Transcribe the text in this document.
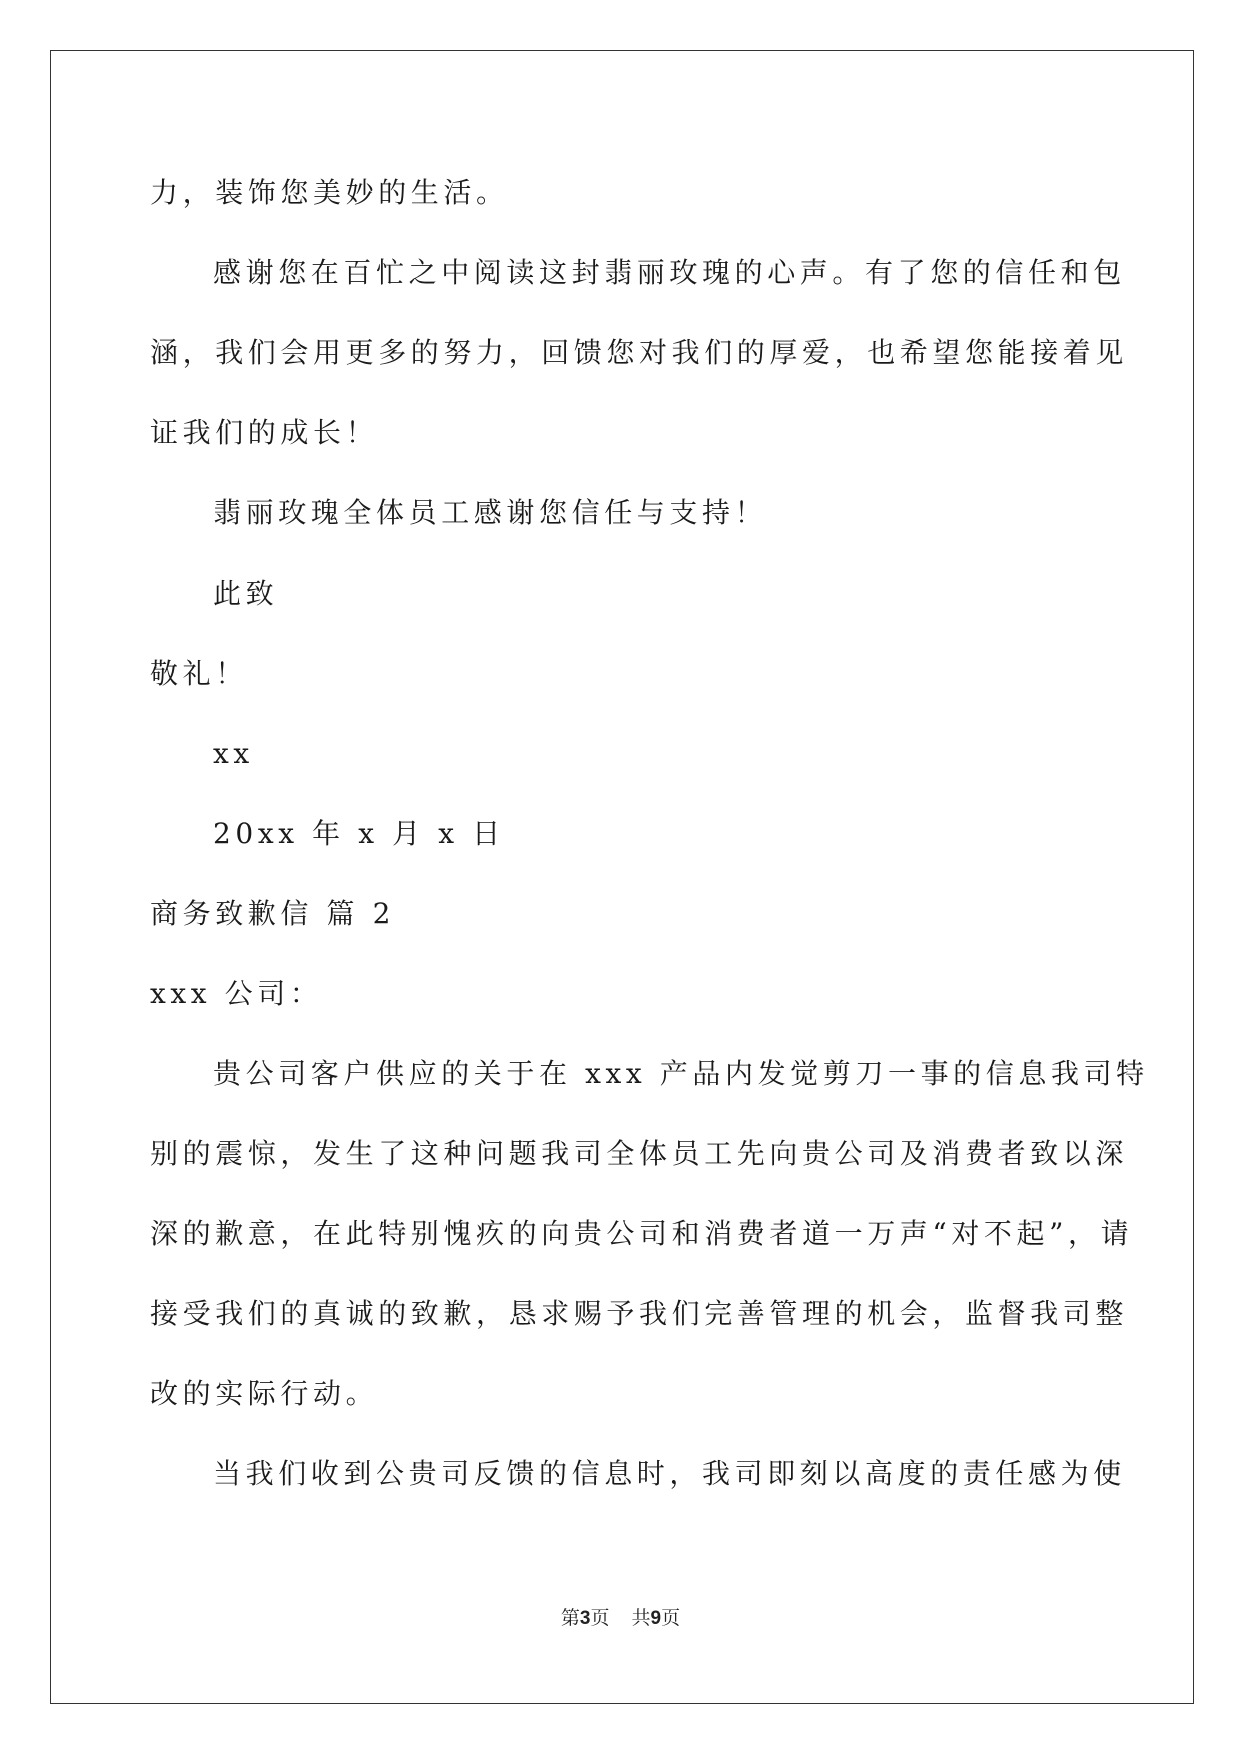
力，装饰您美妙的生活。
感谢您在百忙之中阅读这封翡丽玫瑰的心声。有了您的信任和包
涵，我们会用更多的努力，回馈您对我们的厚爱，也希望您能接着见
证我们的成长！
翡丽玫瑰全体员工感谢您信任与支持！
此致
敬礼！
xx
20xx 年 x 月 x 日
商务致歉信 篇 2
xxx 公司：
贵公司客户供应的关于在 xxx 产品内发觉剪刀一事的信息我司特
别的震惊，发生了这种问题我司全体员工先向贵公司及消费者致以深
深的歉意，在此特别愧疚的向贵公司和消费者道一万声“对不起”，请
接受我们的真诚的致歉，恳求赐予我们完善管理的机会，监督我司整
改的实际行动。
当我们收到公贵司反馈的信息时，我司即刻以高度的责任感为使
第3页 共9页
